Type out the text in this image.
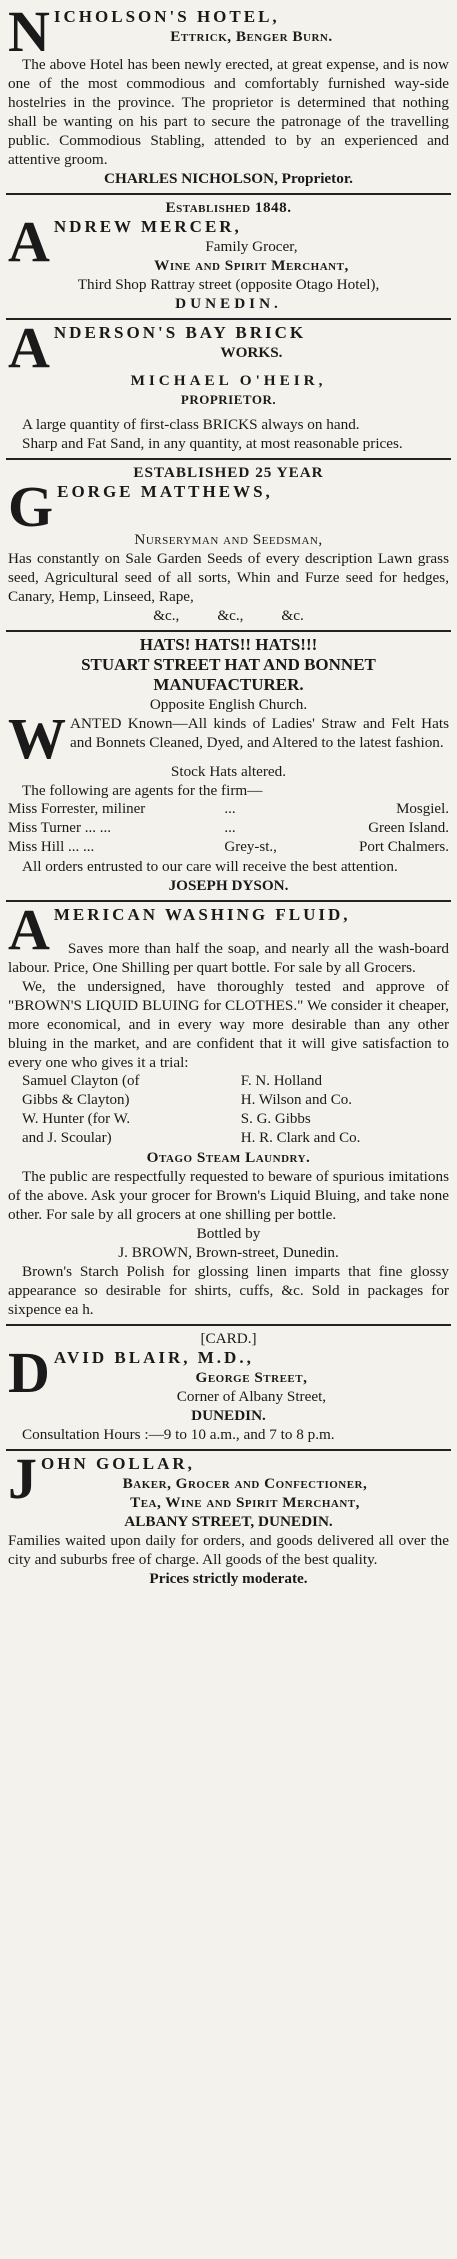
N ICHOLSON'S HOTEL,

Ettrick, Benger Burn.

The above Hotel has been newly erected, at great expense, and is now one of the most commodious and comfortably furnished way-side hostelries in the province. The proprietor is determined that nothing shall be wanting on his part to secure the patronage of the travelling public. Commodious Stabling, attended to by an experienced and attentive groom.

CHARLES NICHOLSON, Proprietor.

Established 1848.

A NDREW MERCER,

Family Grocer,

Wine and Spirit Merchant,

Third Shop Rattray street (opposite Otago Hotel),

DUNEDIN.

A NDERSON'S BAY BRICK

WORKS.

MICHAEL O'HEIR,

PROPRIETOR.

A large quantity of first-class BRICKS always on hand.

Sharp and Fat Sand, in any quantity, at most reasonable prices.

ESTABLISHED 25 YEAR

G EORGE MATTHEWS,

Nurseryman and Seedsman,

Has constantly on Sale Garden Seeds of every description Lawn grass seed, Agricultural seed of all sorts, Whin and Furze seed for hedges, Canary, Hemp, Linseed, Rape,

&c.,          &c.,          &c.

HATS! HATS!! HATS!!!

STUART STREET HAT AND BONNET

MANUFACTURER.

Opposite English Church.

W ANTED Known—All kinds of Ladies' Straw and Felt Hats and Bonnets Cleaned, Dyed, and Altered to the latest fashion.

Stock Hats altered.

The following are agents for the firm—

Miss Forrester, miliner	...	Mosgiel.
Miss Turner ... ...	...	Green Island.
Miss Hill ... ...	Grey-st.,	Port Chalmers.

All orders entrusted to our care will receive the best attention.

JOSEPH DYSON.

A MERICAN WASHING FLUID,

Saves more than half the soap, and nearly all the wash-board labour. Price, One Shilling per quart bottle. For sale by all Grocers.

We, the undersigned, have thoroughly tested and approve of "BROWN'S LIQUID BLUING for CLOTHES." We consider it cheaper, more economical, and in every way more desirable than any other bluing in the market, and are confident that it will give satisfaction to every one who gives it a trial:

Samuel Clayton (of	F. N. Holland
Gibbs & Clayton)	H. Wilson and Co.
W. Hunter (for W.	S. G. Gibbs
and J. Scoular)	H. R. Clark and Co.

Otago Steam Laundry.

The public are respectfully requested to beware of spurious imitations of the above. Ask your grocer for Brown's Liquid Bluing, and take none other. For sale by all grocers at one shilling per bottle.

Bottled by

J. BROWN, Brown-street, Dunedin.

Brown's Starch Polish for glossing linen imparts that fine glossy appearance so desirable for shirts, cuffs, &c. Sold in packages for sixpence ea h.

[CARD.]

D AVID BLAIR, M.D.,

George Street,

Corner of Albany Street,

DUNEDIN.

Consultation Hours :—9 to 10 a.m., and 7 to 8 p.m.

J OHN GOLLAR,

Baker, Grocer and Confectioner,

Tea, Wine and Spirit Merchant,

ALBANY STREET, DUNEDIN.

Families waited upon daily for orders, and goods delivered all over the city and suburbs free of charge. All goods of the best quality.

Prices strictly moderate.
